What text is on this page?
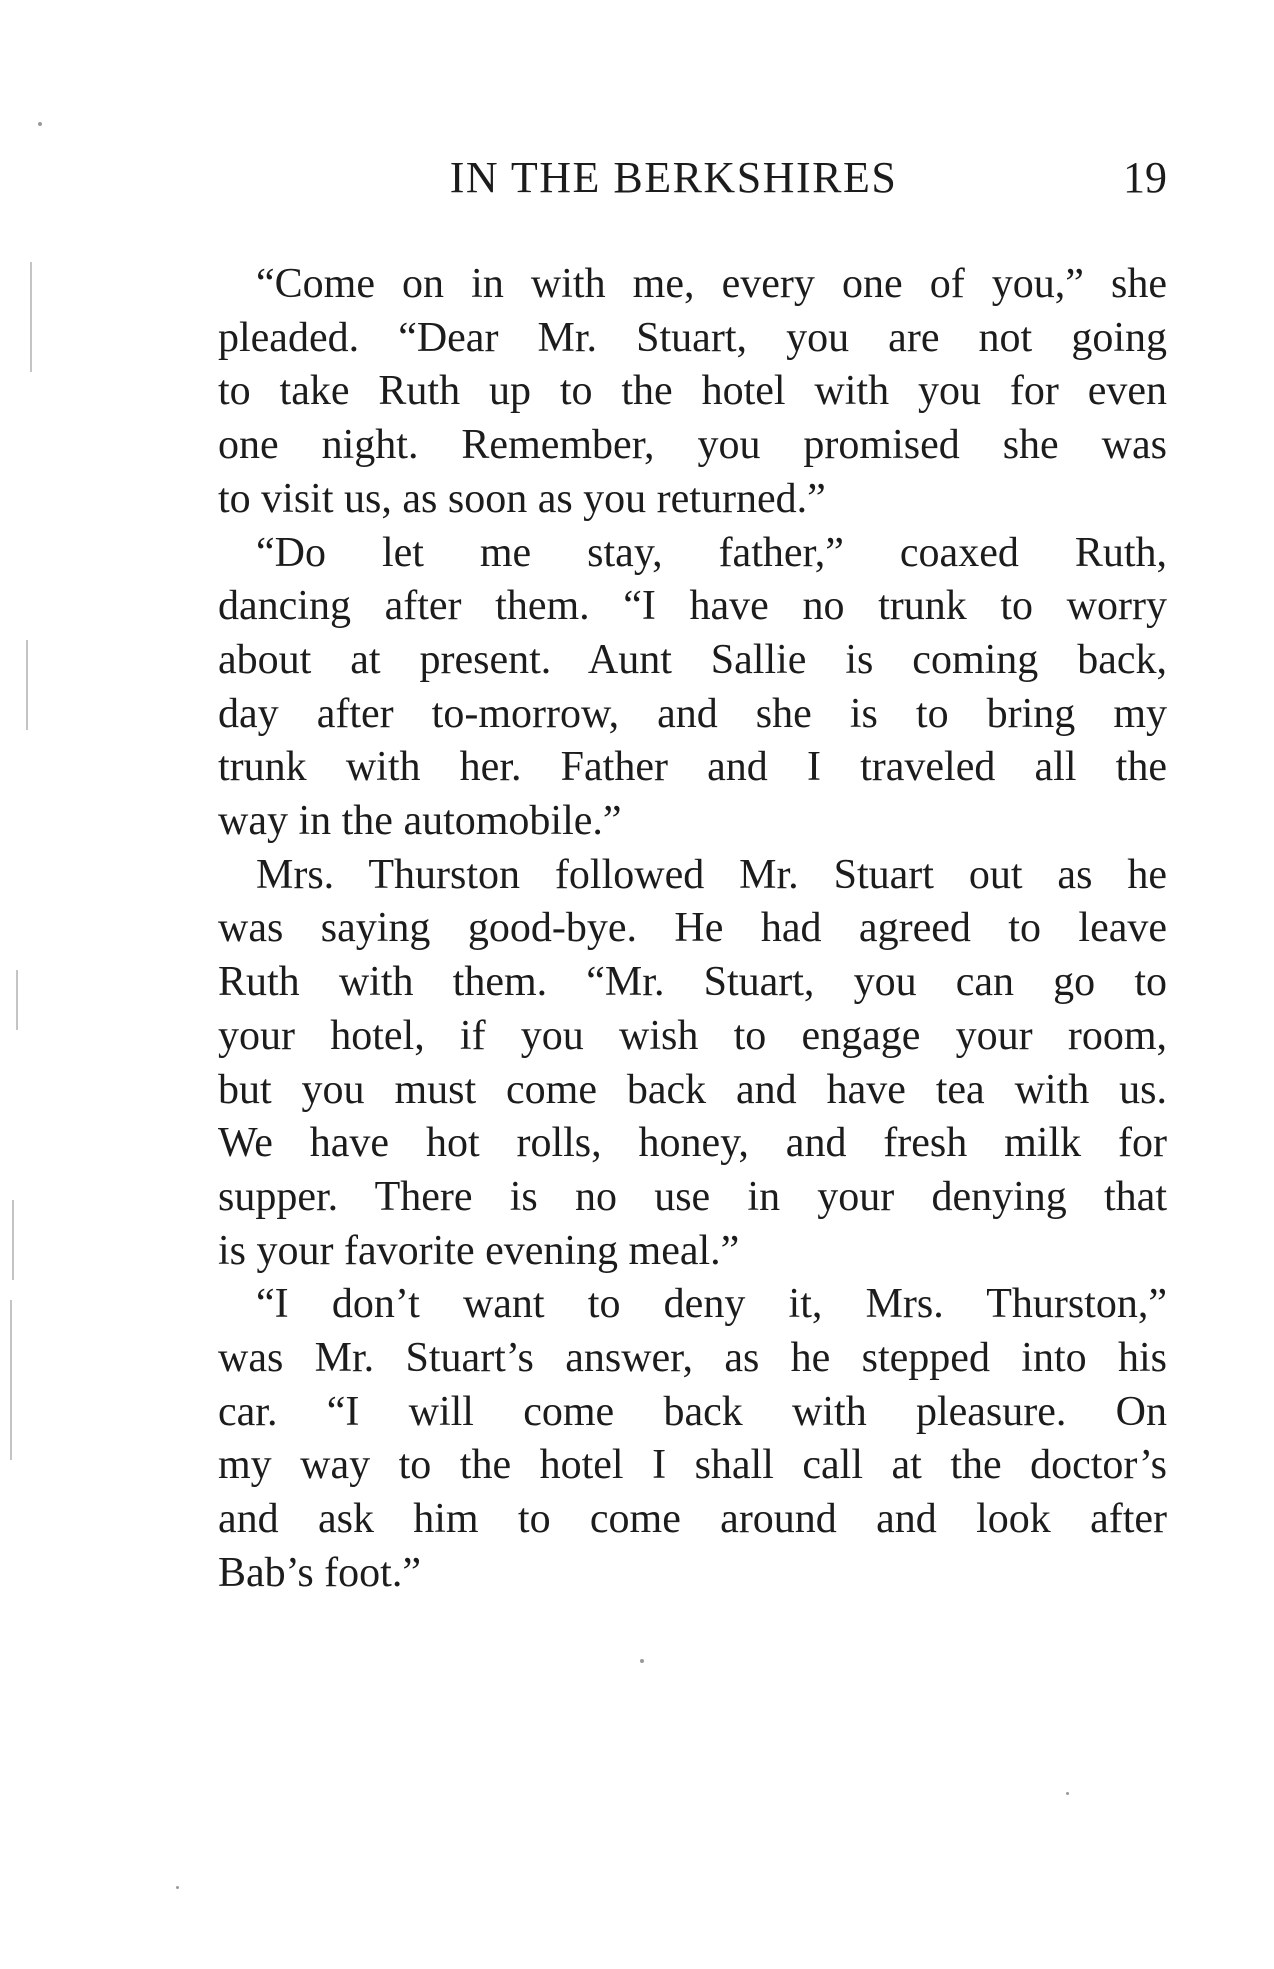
IN THE BERKSHIRES	19

“Come on in with me, every one of you,” she
pleaded. “Dear Mr. Stuart, you are not going
to take Ruth up to the hotel with you for even
one night. Remember, you promised she was
to visit us, as soon as you returned.”

“Do let me stay, father,” coaxed Ruth,
dancing after them. “I have no trunk to worry
about at present. Aunt Sallie is coming back,
day after to-morrow, and she is to bring my
trunk with her. Father and I traveled all the
way in the automobile.”

Mrs. Thurston followed Mr. Stuart out as he
was saying good-bye. He had agreed to leave
Ruth with them. “Mr. Stuart, you can go to
your hotel, if you wish to engage your room,
but you must come back and have tea with us.
We have hot rolls, honey, and fresh milk for
supper. There is no use in your denying that
is your favorite evening meal.”

“I don’t want to deny it, Mrs. Thurston,”
was Mr. Stuart’s answer, as he stepped into his
car. “I will come back with pleasure. On
my way to the hotel I shall call at the doctor’s
and ask him to come around and look after
Bab’s foot.”
